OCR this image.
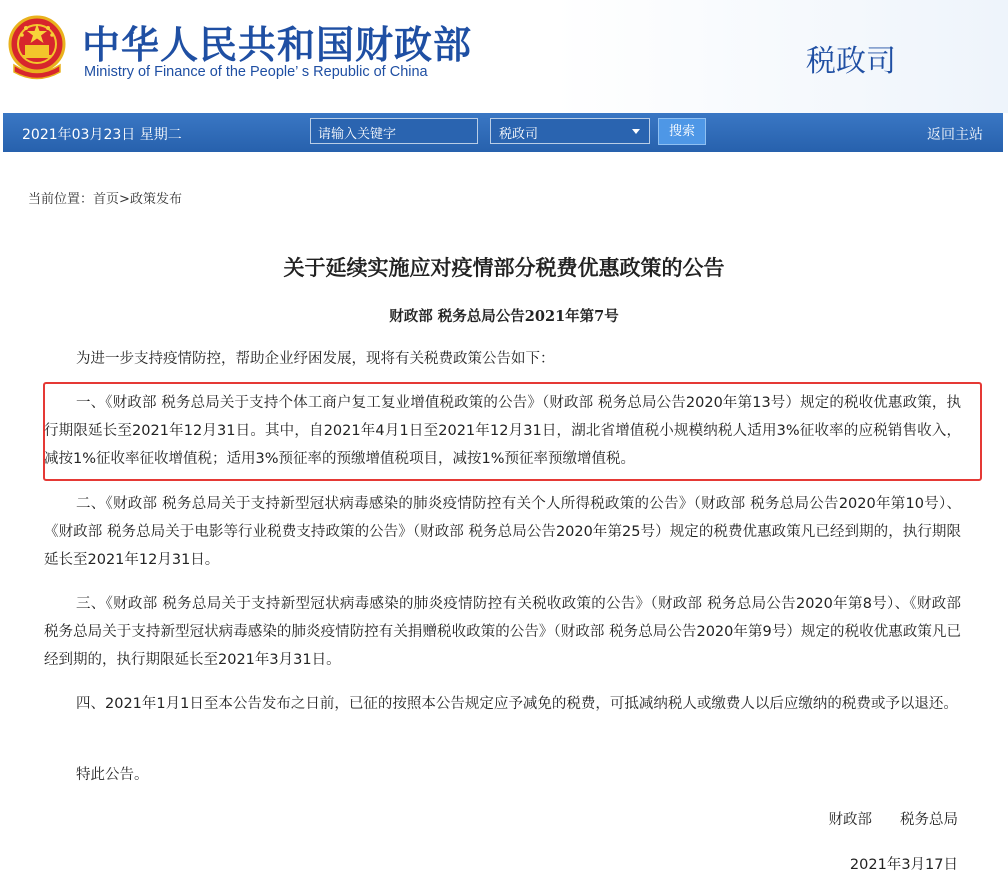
中华人民共和国财政部
Ministry of Finance of the People’ s Republic of China	税政司
2021年03月23日 星期二	请输入关键字	税政司	搜索	返回主站
当前位置：首页>政策发布
关于延续实施应对疫情部分税费优惠政策的公告
财政部 税务总局公告2021年第7号

为进一步支持疫情防控，帮助企业纾困发展，现将有关税费政策公告如下：

一、《财政部 税务总局关于支持个体工商户复工复业增值税政策的公告》（财政部 税务总局公告2020年第13号）规定的税收优惠政策，执行期限延长至2021年12月31日。其中，自2021年4月1日至2021年12月31日，湖北省增值税小规模纳税人适用3%征收率的应税销售收入，减按1%征收率征收增值税；适用3%预征率的预缴增值税项目，减按1%预征率预缴增值税。

二、《财政部 税务总局关于支持新型冠状病毒感染的肺炎疫情防控有关个人所得税政策的公告》（财政部 税务总局公告2020年第10号）、《财政部 税务总局关于电影等行业税费支持政策的公告》（财政部 税务总局公告2020年第25号）规定的税费优惠政策凡已经到期的，执行期限延长至2021年12月31日。

三、《财政部 税务总局关于支持新型冠状病毒感染的肺炎疫情防控有关税收政策的公告》（财政部 税务总局公告2020年第8号）、《财政部 税务总局关于支持新型冠状病毒感染的肺炎疫情防控有关捐赠税收政策的公告》（财政部 税务总局公告2020年第9号）规定的税收优惠政策凡已经到期的，执行期限延长至2021年3月31日。

四、2021年1月1日至本公告发布之日前，已征的按照本公告规定应予减免的税费，可抵减纳税人或缴费人以后应缴纳的税费或予以退还。

特此公告。

财政部 税务总局
2021年3月17日
